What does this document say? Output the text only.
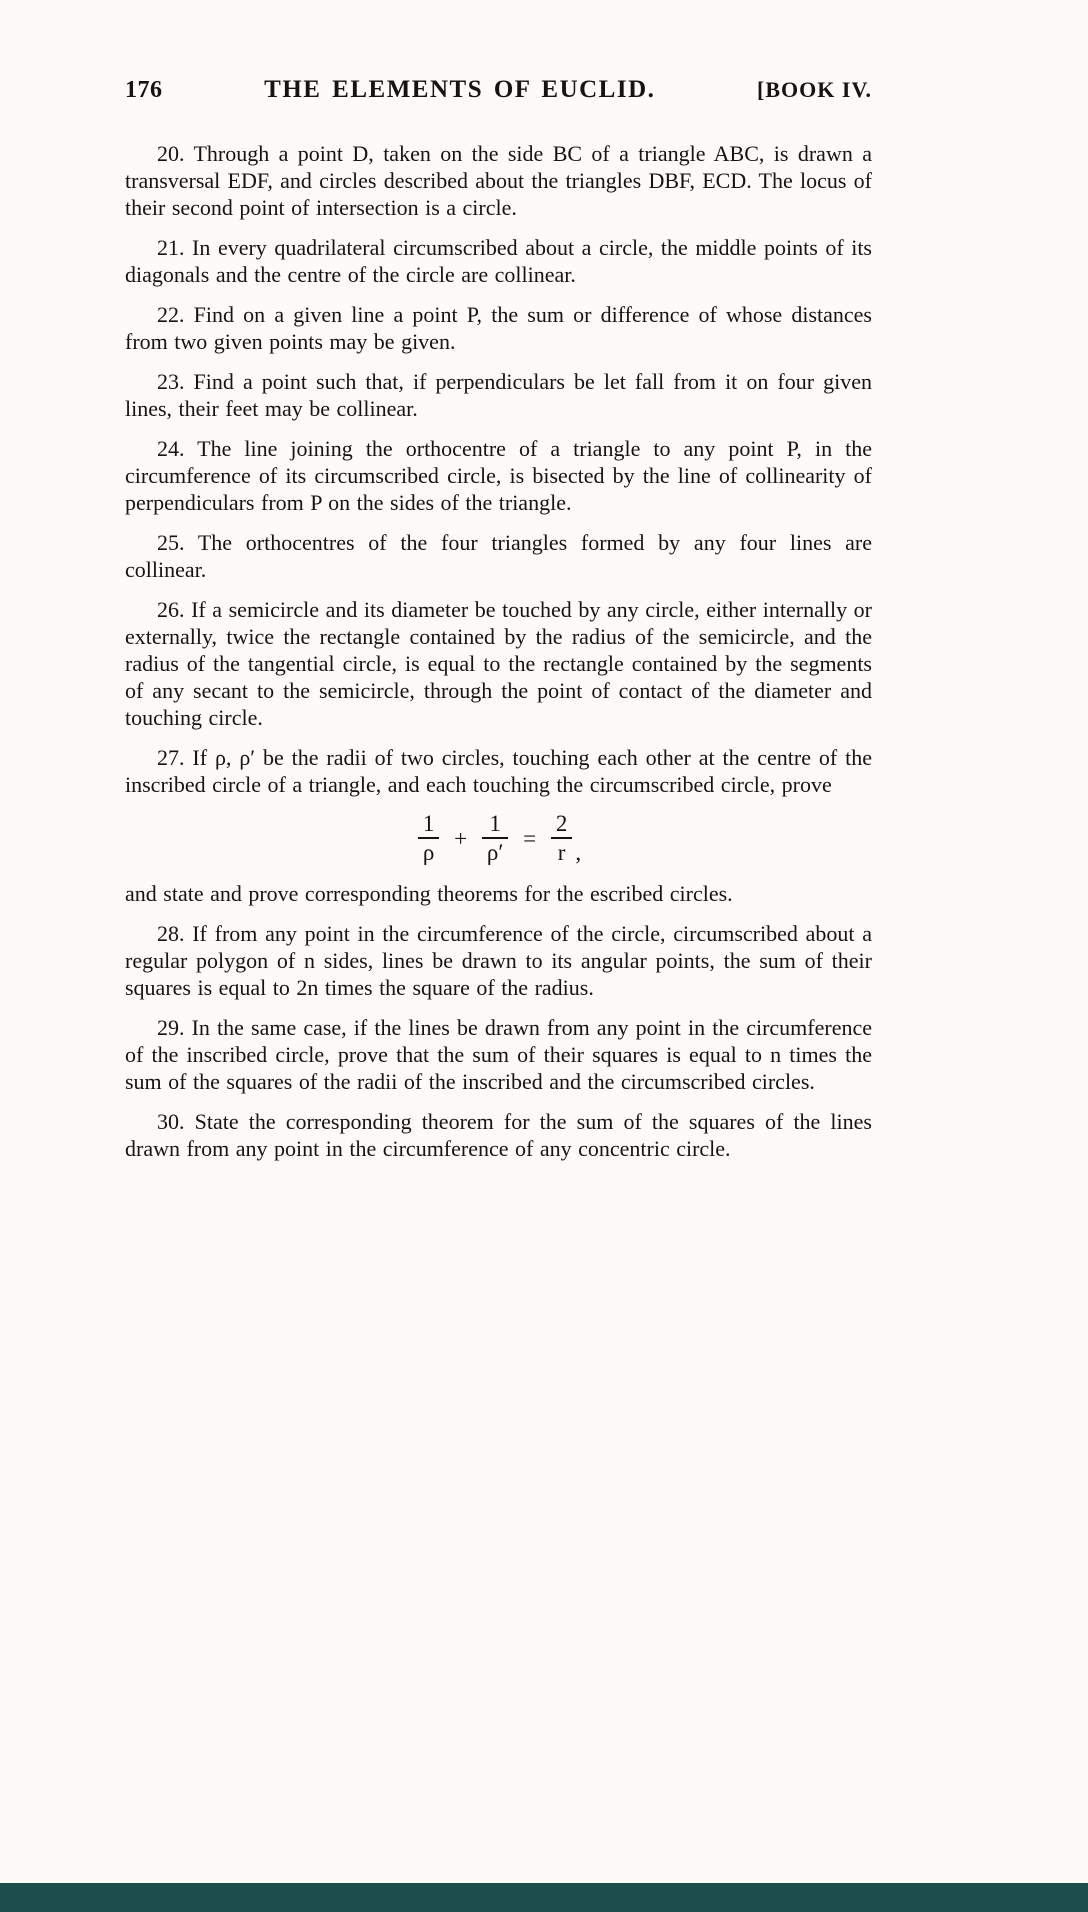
176	THE ELEMENTS OF EUCLID.	[BOOK IV.

20. Through a point D, taken on the side BC of a triangle ABC, is drawn a transversal EDF, and circles described about the triangles DBF, ECD. The locus of their second point of intersection is a circle.

21. In every quadrilateral circumscribed about a circle, the middle points of its diagonals and the centre of the circle are collinear.

22. Find on a given line a point P, the sum or difference of whose distances from two given points may be given.

23. Find a point such that, if perpendiculars be let fall from it on four given lines, their feet may be collinear.

24. The line joining the orthocentre of a triangle to any point P, in the circumference of its circumscribed circle, is bisected by the line of collinearity of perpendiculars from P on the sides of the triangle.

25. The orthocentres of the four triangles formed by any four lines are collinear.

26. If a semicircle and its diameter be touched by any circle, either internally or externally, twice the rectangle contained by the radius of the semicircle, and the radius of the tangential circle, is equal to the rectangle contained by the segments of any secant to the semicircle, through the point of contact of the diameter and touching circle.

27. If ρ, ρ′ be the radii of two circles, touching each other at the centre of the inscribed circle of a triangle, and each touching the circumscribed circle, prove

$\frac{1}{\rho} + \frac{1}{\rho'} = \frac{2}{r}$ ,

and state and prove corresponding theorems for the escribed circles.

28. If from any point in the circumference of the circle, circumscribed about a regular polygon of n sides, lines be drawn to its angular points, the sum of their squares is equal to 2n times the square of the radius.

29. In the same case, if the lines be drawn from any point in the circumference of the inscribed circle, prove that the sum of their squares is equal to n times the sum of the squares of the radii of the inscribed and the circumscribed circles.

30. State the corresponding theorem for the sum of the squares of the lines drawn from any point in the circumference of any concentric circle.
